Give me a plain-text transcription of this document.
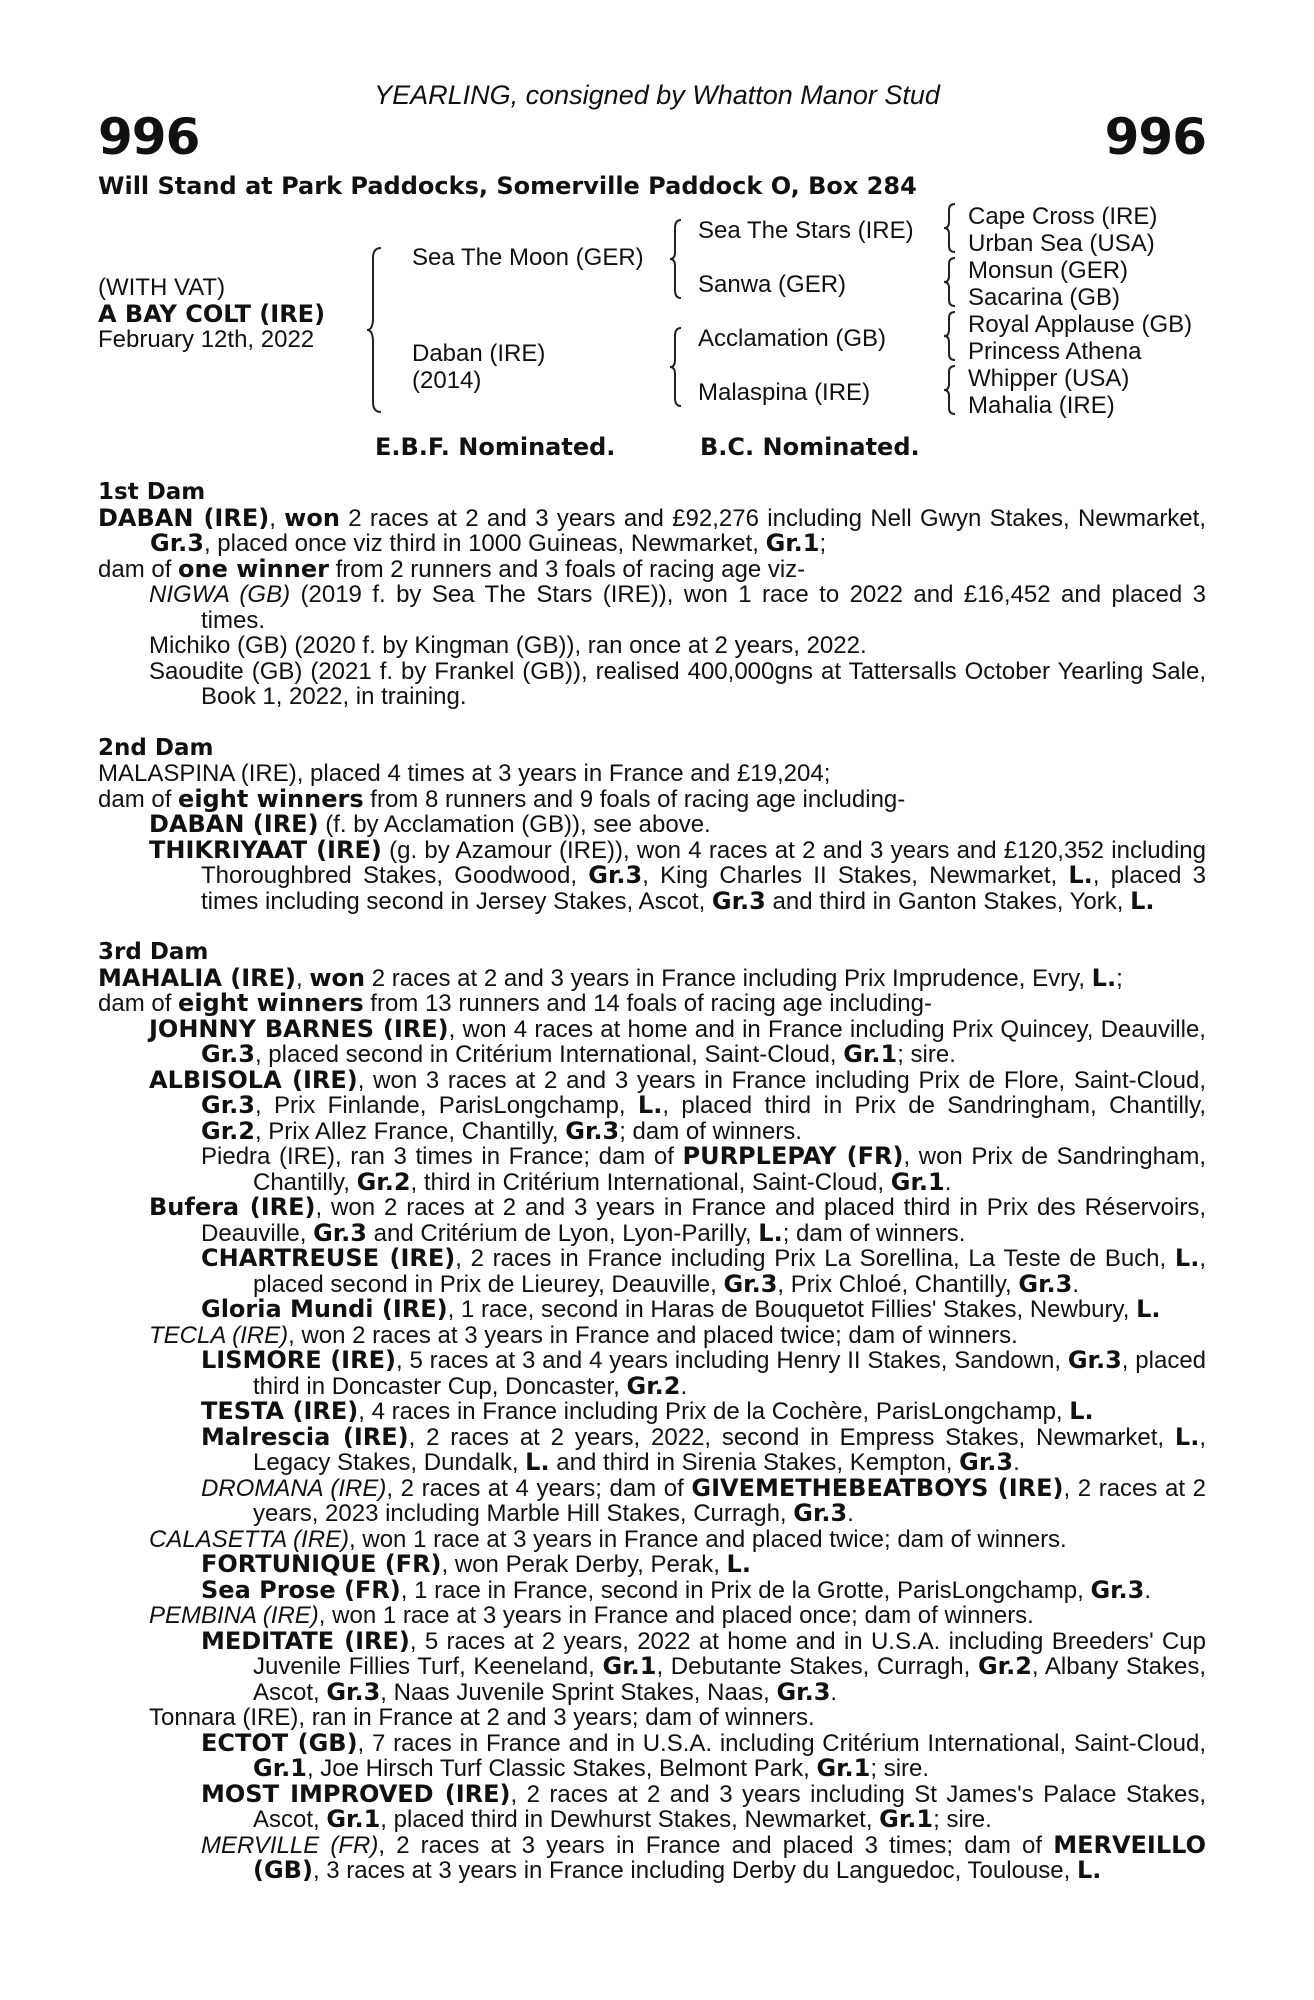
YEARLING, consigned by Whatton Manor Stud
996	996
Will Stand at Park Paddocks, Somerville Paddock O, Box 284
(WITH VAT)
A BAY COLT (IRE)
February 12th, 2022
Sea The Moon (GER)
Daban (IRE)
(2014)
Sea The Stars (IRE)
Sanwa (GER)
Acclamation (GB)
Malaspina (IRE)
Cape Cross (IRE)
Urban Sea (USA)
Monsun (GER)
Sacarina (GB)
Royal Applause (GB)
Princess Athena
Whipper (USA)
Mahalia (IRE)
E.B.F. Nominated.	B.C. Nominated.
1st Dam

DABAN (IRE), won 2 races at 2 and 3 years and £92,276 including Nell Gwyn Stakes, Newmarket, Gr.3, placed once viz third in 1000 Guineas, Newmarket, Gr.1;

dam of one winner from 2 runners and 3 foals of racing age viz-

NIGWA (GB) (2019 f. by Sea The Stars (IRE)), won 1 race to 2022 and £16,452 and placed 3 times.

Michiko (GB) (2020 f. by Kingman (GB)), ran once at 2 years, 2022.

Saoudite (GB) (2021 f. by Frankel (GB)), realised 400,000gns at Tattersalls October Yearling Sale, Book 1, 2022, in training.

2nd Dam

MALASPINA (IRE), placed 4 times at 3 years in France and £19,204;

dam of eight winners from 8 runners and 9 foals of racing age including-

DABAN (IRE) (f. by Acclamation (GB)), see above.

THIKRIYAAT (IRE) (g. by Azamour (IRE)), won 4 races at 2 and 3 years and £120,352 including Thoroughbred Stakes, Goodwood, Gr.3, King Charles II Stakes, Newmarket, L., placed 3 times including second in Jersey Stakes, Ascot, Gr.3 and third in Ganton Stakes, York, L.

3rd Dam

MAHALIA (IRE), won 2 races at 2 and 3 years in France including Prix Imprudence, Evry, L.;

dam of eight winners from 13 runners and 14 foals of racing age including-

JOHNNY BARNES (IRE), won 4 races at home and in France including Prix Quincey, Deauville, Gr.3, placed second in Critérium International, Saint-Cloud, Gr.1; sire.

ALBISOLA (IRE), won 3 races at 2 and 3 years in France including Prix de Flore, Saint-Cloud, Gr.3, Prix Finlande, ParisLongchamp, L., placed third in Prix de Sandringham, Chantilly, Gr.2, Prix Allez France, Chantilly, Gr.3; dam of winners.

Piedra (IRE), ran 3 times in France; dam of PURPLEPAY (FR), won Prix de Sandringham, Chantilly, Gr.2, third in Critérium International, Saint-Cloud, Gr.1.

Bufera (IRE), won 2 races at 2 and 3 years in France and placed third in Prix des Réservoirs, Deauville, Gr.3 and Critérium de Lyon, Lyon-Parilly, L.; dam of winners.

CHARTREUSE (IRE), 2 races in France including Prix La Sorellina, La Teste de Buch, L., placed second in Prix de Lieurey, Deauville, Gr.3, Prix Chloé, Chantilly, Gr.3.

Gloria Mundi (IRE), 1 race, second in Haras de Bouquetot Fillies' Stakes, Newbury, L.

TECLA (IRE), won 2 races at 3 years in France and placed twice; dam of winners.

LISMORE (IRE), 5 races at 3 and 4 years including Henry II Stakes, Sandown, Gr.3, placed third in Doncaster Cup, Doncaster, Gr.2.

TESTA (IRE), 4 races in France including Prix de la Cochère, ParisLongchamp, L.

Malrescia (IRE), 2 races at 2 years, 2022, second in Empress Stakes, Newmarket, L., Legacy Stakes, Dundalk, L. and third in Sirenia Stakes, Kempton, Gr.3.

DROMANA (IRE), 2 races at 4 years; dam of GIVEMETHEBEATBOYS (IRE), 2 races at 2 years, 2023 including Marble Hill Stakes, Curragh, Gr.3.

CALASETTA (IRE), won 1 race at 3 years in France and placed twice; dam of winners.

FORTUNIQUE (FR), won Perak Derby, Perak, L.

Sea Prose (FR), 1 race in France, second in Prix de la Grotte, ParisLongchamp, Gr.3.

PEMBINA (IRE), won 1 race at 3 years in France and placed once; dam of winners.

MEDITATE (IRE), 5 races at 2 years, 2022 at home and in U.S.A. including Breeders' Cup Juvenile Fillies Turf, Keeneland, Gr.1, Debutante Stakes, Curragh, Gr.2, Albany Stakes, Ascot, Gr.3, Naas Juvenile Sprint Stakes, Naas, Gr.3.

Tonnara (IRE), ran in France at 2 and 3 years; dam of winners.

ECTOT (GB), 7 races in France and in U.S.A. including Critérium International, Saint-Cloud, Gr.1, Joe Hirsch Turf Classic Stakes, Belmont Park, Gr.1; sire.

MOST IMPROVED (IRE), 2 races at 2 and 3 years including St James's Palace Stakes, Ascot, Gr.1, placed third in Dewhurst Stakes, Newmarket, Gr.1; sire.

MERVILLE (FR), 2 races at 3 years in France and placed 3 times; dam of MERVEILLO (GB), 3 races at 3 years in France including Derby du Languedoc, Toulouse, L.
